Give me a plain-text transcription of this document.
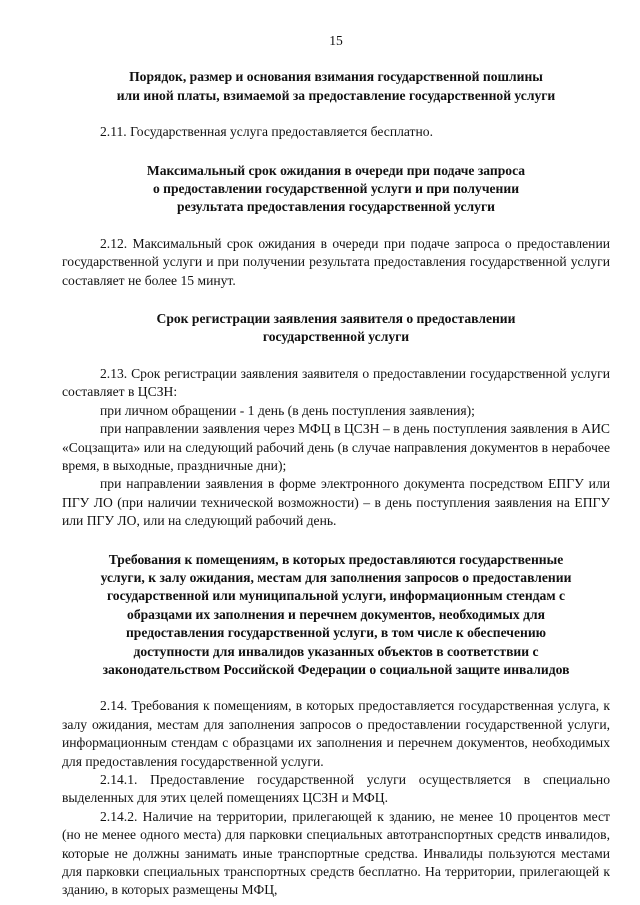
15
Порядок, размер и основания взимания государственной пошлины
или иной платы, взимаемой за предоставление государственной услуги

2.11. Государственная услуга предоставляется бесплатно.

Максимальный срок ожидания в очереди при подаче запроса
о предоставлении государственной услуги и при получении
результата предоставления государственной услуги

2.12. Максимальный срок ожидания в очереди при подаче запроса о предоставлении государственной услуги и при получении результата предоставления государственной услуги составляет не более 15 минут.

Срок регистрации заявления заявителя о предоставлении
государственной услуги

2.13. Срок регистрации заявления заявителя о предоставлении государственной услуги составляет в ЦСЗН:

при личном обращении - 1 день (в день поступления заявления);

при направлении заявления через МФЦ в ЦСЗН – в день поступления заявления в АИС «Соцзащита» или на следующий рабочий день (в случае направления документов в нерабочее время, в выходные, праздничные дни);

при направлении заявления в форме электронного документа посредством ЕПГУ или ПГУ ЛО (при наличии технической возможности) – в день поступления заявления на ЕПГУ или ПГУ ЛО, или на следующий рабочий день.

Требования к помещениям, в которых предоставляются государственные
услуги, к залу ожидания, местам для заполнения запросов о предоставлении
государственной или муниципальной услуги, информационным стендам с
образцами их заполнения и перечнем документов, необходимых для
предоставления государственной услуги, в том числе к обеспечению
доступности для инвалидов указанных объектов в соответствии с
законодательством Российской Федерации о социальной защите инвалидов

2.14. Требования к помещениям, в которых предоставляется государственная услуга, к залу ожидания, местам для заполнения запросов о предоставлении государственной услуги, информационным стендам с образцами их заполнения и перечнем документов, необходимых для предоставления государственной услуги.

2.14.1. Предоставление государственной услуги осуществляется в специально выделенных для этих целей помещениях ЦСЗН и МФЦ.

2.14.2. Наличие на территории, прилегающей к зданию, не менее 10 процентов мест (но не менее одного места) для парковки специальных автотранспортных средств инвалидов, которые не должны занимать иные транспортные средства. Инвалиды пользуются местами для парковки специальных транспортных средств бесплатно. На территории, прилегающей к зданию, в которых размещены МФЦ,
